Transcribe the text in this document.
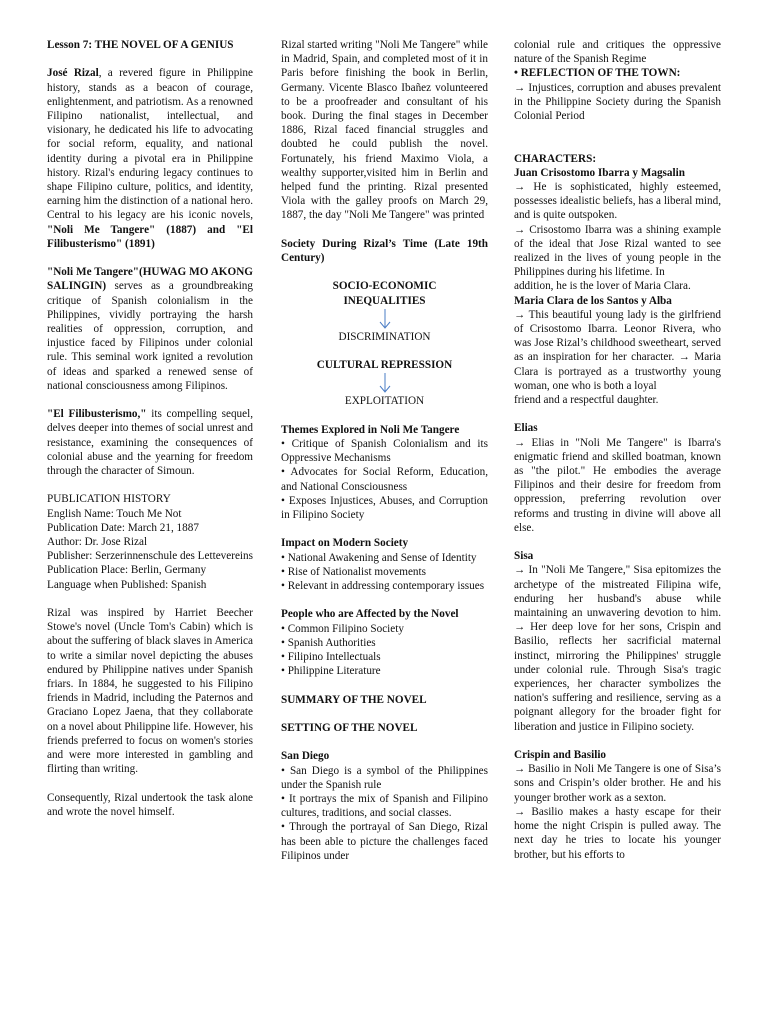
Lesson 7: THE NOVEL OF A GENIUS

José Rizal, a revered figure in Philippine history, stands as a beacon of courage, enlightenment, and patriotism. As a renowned Filipino nationalist, intellectual, and visionary, he dedicated his life to advocating for social reform, equality, and national identity during a pivotal era in Philippine history. Rizal's enduring legacy continues to shape Filipino culture, politics, and identity, earning him the distinction of a national hero. Central to his legacy are his iconic novels, "Noli Me Tangere" (1887) and "El Filibusterismo" (1891)

"Noli Me Tangere"(HUWAG MO AKONG SALINGIN) serves as a groundbreaking critique of Spanish colonialism in the Philippines, vividly portraying the harsh realities of oppression, corruption, and injustice faced by Filipinos under colonial rule. This seminal work ignited a revolution of ideas and sparked a renewed sense of national consciousness among Filipinos.

"El Filibusterismo," its compelling sequel, delves deeper into themes of social unrest and resistance, examining the consequences of colonial abuse and the yearning for freedom through the character of Simoun.

PUBLICATION HISTORY
English Name: Touch Me Not
Publication Date: March 21, 1887
Author: Dr. Jose Rizal
Publisher: Serzerinnenschule des Lettevereins
Publication Place: Berlin, Germany
Language when Published: Spanish

Rizal was inspired by Harriet Beecher Stowe's novel (Uncle Tom's Cabin) which is about the suffering of black slaves in America to write a similar novel depicting the abuses endured by Philippine natives under Spanish friars. In 1884, he suggested to his Filipino friends in Madrid, including the Paternos and Graciano Lopez Jaena, that they collaborate on a novel about Philippine life. However, his friends preferred to focus on women's stories and were more interested in gambling and flirting than writing.

Consequently, Rizal undertook the task alone and wrote the novel himself.

Rizal started writing "Noli Me Tangere" while in Madrid, Spain, and completed most of it in Paris before finishing the book in Berlin, Germany. Vicente Blasco Ibañez volunteered to be a proofreader and consultant of his book. During the final stages in December 1886, Rizal faced financial struggles and doubted he could publish the novel. Fortunately, his friend Maximo Viola, a wealthy supporter,visited him in Berlin and helped fund the printing. Rizal presented Viola with the galley proofs on March 29, 1887, the day "Noli Me Tangere" was printed

Society During Rizal’s Time (Late 19th Century)

SOCIO-ECONOMIC INEQUALITIES

DISCRIMINATION

CULTURAL REPRESSION

EXPLOITATION

Themes Explored in Noli Me Tangere

• Critique of Spanish Colonialism and its Oppressive Mechanisms
• Advocates for Social Reform, Education, and National Consciousness
• Exposes Injustices, Abuses, and Corruption in Filipino Society

Impact on Modern Society

• National Awakening and Sense of Identity
• Rise of Nationalist movements
• Relevant in addressing contemporary issues

People who are Affected by the Novel

• Common Filipino Society
• Spanish Authorities
• Filipino Intellectuals
• Philippine Literature

SUMMARY OF THE NOVEL

SETTING OF THE NOVEL

San Diego

• San Diego is a symbol of the Philippines under the Spanish rule
• It portrays the mix of Spanish and Filipino cultures, traditions, and social classes.
• Through the portrayal of San Diego, Rizal has been able to picture the challenges faced Filipinos under

colonial rule and critiques the oppressive nature of the Spanish Regime

• REFLECTION OF THE TOWN:

→ Injustices, corruption and abuses prevalent in the Philippine Society during the Spanish Colonial Period

CHARACTERS:

Juan Crisostomo Ibarra y Magsalin

→ He is sophisticated, highly esteemed, possesses idealistic beliefs, has a liberal mind, and is quite outspoken.

→ Crisostomo Ibarra was a shining example of the ideal that Jose Rizal wanted to see realized in the lives of young people in the Philippines during his lifetime. In

addition, he is the lover of Maria Clara.

Maria Clara de los Santos y Alba

→ This beautiful young lady is the girlfriend of Crisostomo Ibarra. Leonor Rivera, who was Jose Rizal’s childhood sweetheart, served as an inspiration for her character. → Maria Clara is portrayed as a trustworthy young woman, one who is both a loyal

friend and a respectful daughter.

Elias

→ Elias in "Noli Me Tangere" is Ibarra's enigmatic friend and skilled boatman, known as "the pilot." He embodies the average Filipinos and their desire for freedom from oppression, preferring revolution over reforms and trusting in divine will above all else.

Sisa

→ In "Noli Me Tangere," Sisa epitomizes the archetype of the mistreated Filipina wife, enduring her husband's abuse while maintaining an unwavering devotion to him. → Her deep love for her sons, Crispin and Basilio, reflects her sacrificial maternal instinct, mirroring the Philippines' struggle under colonial rule. Through Sisa's tragic experiences, her character symbolizes the nation's suffering and resilience, serving as a poignant allegory for the broader fight for liberation and justice in Filipino society.

Crispin and Basilio

→ Basilio in Noli Me Tangere is one of Sisa’s sons and Crispin’s older brother. He and his younger brother work as a sexton.

→ Basilio makes a hasty escape for their home the night Crispin is pulled away. The next day he tries to locate his younger brother, but his efforts to
